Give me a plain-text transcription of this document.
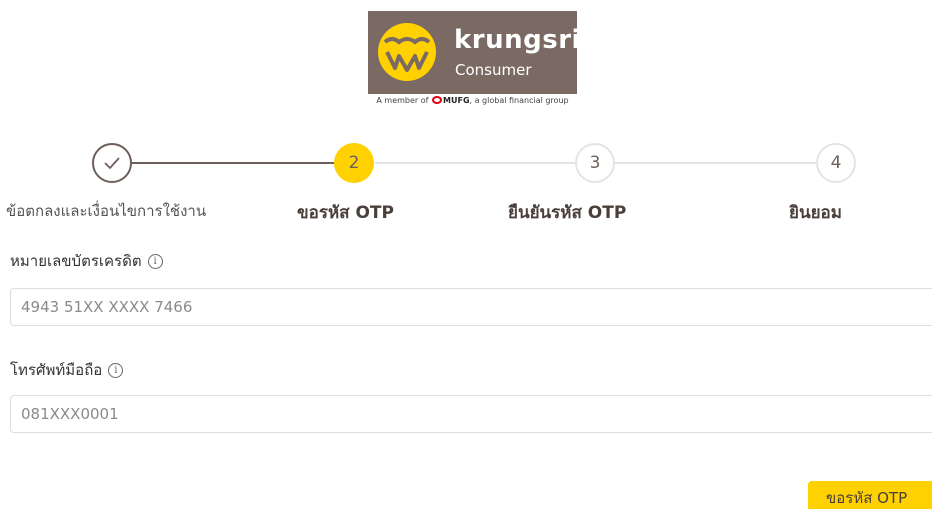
krungsri
Consumer
A member of MUFG, a global financial group
2	3	4
ข้อตกลงและเงื่อนไขการใช้งาน	ขอรหัส OTP	ยืนยันรหัส OTP	ยินยอม
หมายเลขบัตรเครดิต	i
4943 51XX XXXX 7466
โทรศัพท์มือถือ	i
081XXX0001
ขอรหัส OTP
